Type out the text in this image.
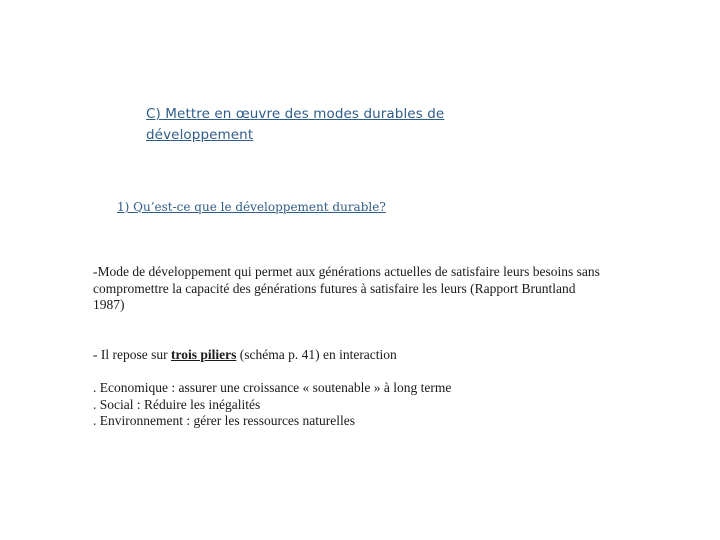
C) Mettre en œuvre des modes durables de développement
1) Qu’est-ce que le développement durable?
-Mode de développement qui permet aux générations actuelles de satisfaire leurs besoins sans compromettre la capacité des générations futures à satisfaire les leurs (Rapport Bruntland 1987)
- Il repose sur trois piliers (schéma p. 41) en interaction
. Economique : assurer une croissance « soutenable » à long terme
. Social : Réduire les inégalités
. Environnement : gérer les ressources naturelles
